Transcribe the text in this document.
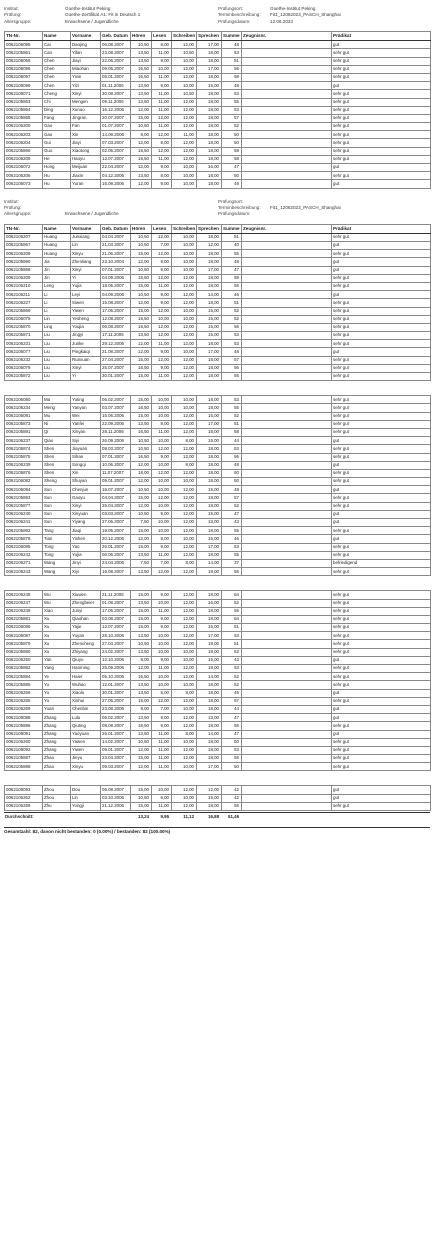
Institut:	Goethe-Institut Peking
Prüfung:	Goethe-Zertifikat A1: Fit in Deutsch 1
Altersgruppe:	Erwachsene / Jugendliche
Prüfungsort:	Goethe-Institut Peking
Terminbeschreibung:	Fit1_12062023_PASCH_Shanghai
Prüfungsdatum:	12.06.2023
TN-Nr.	Name	Vorname	Geb. Datum	Hören	Lesen	Schreiben	Sprechen	Summe	Zeugnisnr.	Prädikat
0062106095	Cai	Daojing	06.08.2007	10,50	8,00	12,00	17,00	48		gut
0062105861	Cao	Yifan	23.08.2007	13,50	11,00	10,50	18,00	53		sehr gut
0062106068	Chen	Jiayi	22.06.2007	13,50	9,00	10,00	18,00	51		sehr gut
0062106096	Chen	Miaohan	09.05.2007	16,50	10,00	12,00	17,00	56		sehr gut
0062106097	Chen	Yixin	05.01.2007	16,50	11,00	12,00	18,00	58		sehr gut
0062106099	Chen	Yizi	01.11.2006	13,50	9,00	10,00	15,00	48		gut
0062106071	Cheng	Xinyi	30.08.2007	13,50	11,00	10,50	18,00	53		sehr gut
0062105863	Chi	Mengen	09.11.2006	13,50	11,00	12,00	18,00	55		sehr gut
0062105864	Ding	Xunuo	16.12.2006	12,00	11,00	12,00	18,00	53		sehr gut
0062105865	Fang	Jingran	20.07.2007	15,00	12,00	12,00	18,00	57		sehr gut
0062106200	Gao	Fan	01.07.2007	10,50	11,00	12,00	18,00	52		sehr gut
0062106203	Gao	Xin	14.09.2006	9,00	12,00	11,00	18,00	50		sehr gut
0062106204	Gui	Jiayi	07.03.2007	12,00	8,00	12,00	18,00	50		sehr gut
0062105866	Guo	Xiaotong	02.05.2007	16,50	12,00	12,00	18,00	59		sehr gut
0062106205	He	Haoyu	12.07.2007	16,50	11,00	12,00	18,00	58		sehr gut
0062106072	Hong	Meijuan	22.04.2007	12,00	9,00	10,00	16,00	47		gut
0062106206	Hu	Jiaxin	04.12.2006	13,50	8,00	10,00	18,00	50		sehr gut
0062106073	Hu	Yuran	16.09.2006	12,00	9,00	10,00	18,00	49		gut
Institut:
Prüfung:
Altersgruppe:	Erwachsene / Jugendliche
Prüfungsort:
Terminbeschreibung:	Fit1_12062023_PASCH_Shanghai
Prüfungsdatum:
TN-Nr.	Name	Vorname	Geb. Datum	Hören	Lesen	Schreiben	Sprechen	Summe	Zeugnisnr.	Prädikat
0062106207	Huang	Junxiang	04.04.2007	10,50	12,00	10,00	18,00	51		sehr gut
0062105867	Huang	Lin	21.03.2007	10,50	7,00	10,00	12,00	40		gut
0062106208	Huang	Xinyu	21.06.2007	15,00	12,00	10,00	18,00	55		sehr gut
0062105890	Jia	Zhenliang	23.10.2004	12,00	8,00	10,00	18,00	48		gut
0062105868	Jin	Xinyi	07.01.2007	10,50	9,00	10,00	17,00	47		gut
0062106209	Jin	Yi	04.09.2006	16,50	12,00	12,00	18,00	59		sehr gut
0062106210	Leng	Yujia	18.05.2007	15,00	11,00	12,00	18,00	56		sehr gut
0062106211	Li	Leyi	04.09.2006	10,50	9,00	12,00	14,00	46		gut
0062106227	Li	Siwen	15.08.2007	12,00	9,00	12,00	18,00	51		sehr gut
0062105869	Li	Yiwen	17.05.2007	15,00	12,00	10,00	15,00	52		sehr gut
0062106075	Lin	Yesheng	12.08.2007	16,50	10,00	10,00	15,00	52		sehr gut
0062105870	Ling	Youjia	06.08.2007	16,50	12,00	12,00	15,00	56		sehr gut
0062105871	Liu	Jingyi	17.11.2006	13,50	12,00	12,00	15,00	53		sehr gut
0062106231	Liu	Junke	29.12.2006	12,00	11,00	12,00	18,00	53		sehr gut
0062106077	Liu	Pingkaiqi	21.08.2007	12,00	9,00	10,00	17,00	48		gut
0062106232	Liu	Runxuan	27.04.2007	15,00	12,00	12,00	18,00	57		sehr gut
0062106079	Liu	Xinyi	25.07.2007	16,50	9,00	12,00	18,00	56		sehr gut
0062105872	Liu	Yi	30.01.2007	15,00	11,00	12,00	18,00	56		sehr gut
0062106080	Ma	Yuting	06.02.2007	15,00	10,00	10,00	18,00	53		sehr gut
0062106234	Meng	Yanyan	03.07.2007	16,50	10,00	10,00	18,00	55		sehr gut
0062106081	Mu	Wei	15.06.2006	15,00	10,00	12,00	15,00	52		sehr gut
0062105873	Ni	Yanfei	22.09.2006	13,50	8,00	12,00	17,00	51		sehr gut
0062105891	Qi	Xinyan	28.11.2006	16,50	11,00	12,00	18,00	58		sehr gut
0062106237	Qiao	Siyi	26.09.2006	10,50	10,00	8,00	15,00	44		gut
0062105874	Shen	Jiayuan	09.03.2007	10,50	12,00	12,00	18,00	53		sehr gut
0062105875	Shen	Sihan	07.01.2007	16,50	9,00	12,00	18,00	56		sehr gut
0062106239	Shen	Songqi	10.06.2007	12,00	10,00	8,00	18,00	48		gut
0062105876	Shen	Xin	11.07.2007	18,00	12,00	12,00	18,00	60		sehr gut
0062106082	Sheng	Shuyan	09.01.2007	12,00	10,00	10,00	18,00	50		sehr gut
0062106084	Sun	Chenjun	16.07.2007	10,50	10,00	12,00	15,00	48		gut
0062105893	Sun	Gaoyu	04.04.2007	15,00	12,00	12,00	18,00	57		sehr gut
0062105877	Sun	Xinyi	25.04.2007	12,00	10,00	12,00	18,00	52		sehr gut
0062106240	Sun	Xinyuan	03.03.2007	10,50	9,00	12,00	15,00	47		gut
0062106241	Sun	Yiyang	27.06.2007	7,50	10,00	12,00	13,00	43		gut
0062105892	Tang	Jiaqi	19.05.2007	15,00	10,00	12,00	18,00	55		sehr gut
0062105878	Tian	Yishen	20.12.2006	12,00	8,00	10,00	15,00	46		gut
0062106085	Tong	Yao	26.01.2007	15,00	9,00	12,00	17,00	53		sehr gut
0062106242	Tong	Yujia	06.06.2007	13,50	11,00	12,00	18,00	55		sehr gut
0062106271	Wang	Jinyi	24.04.2006	7,50	7,00	8,00	14,00	37		befriedigend
0062106243	Wang	Xiyi	16.08.2007	13,50	12,00	12,00	18,00	56		sehr gut
0062106245	Wu	Xiuwen	21.11.2006	15,00	9,00	12,00	18,00	54		sehr gut
0062106247	Wu	Zhengbeier	01.08.2007	13,50	10,00	12,00	16,00	52		sehr gut
0062106249	Xiao	Junyi	17.05.2007	15,00	11,00	12,00	18,00	56		sehr gut
0062105881	Xu	Qiaohan	03.08.2007	15,00	9,00	12,00	18,00	54		sehr gut
0062106086	Xu	Yajie	12.07.2007	15,00	9,00	12,00	15,00	51		sehr gut
0062106087	Xu	Yuyan	28.10.2006	13,50	10,00	12,00	17,00	53		sehr gut
0062105879	Xu	Zhencheng	27.04.2007	10,50	10,00	12,00	18,00	51		sehr gut
0062105880	Xu	Zhiyang	24.02.2007	13,50	10,00	10,00	18,00	52		sehr gut
0062106250	Yan	Qiuyu	12.10.2006	9,00	9,00	10,00	15,00	43		gut
0062105882	Yang	Haoming	25.09.2006	12,00	11,00	12,00	18,00	53		sehr gut
0062105884	Ye	Haier	05.10.2006	16,50	10,00	12,00	14,00	52		sehr gut
0062105885	Yu	Wuhao	12.01.2007	13,50	10,00	10,00	18,00	52		sehr gut
0062106256	Yu	Xiaolu	30.01.2007	13,50	5,00	8,00	18,00	45		gut
0062106255	Yu	Xinhui	27.05.2007	15,00	12,00	12,00	18,00	57		sehr gut
0062106259	Yuan	Chenbin	23.08.2006	9,00	7,00	10,00	18,00	44		gut
0062106088	Zhang	Lulu	06.02.2007	13,50	8,00	12,00	13,00	47		gut
0062105886	Zhang	Qiuting	08.08.2007	16,50	9,00	12,00	18,00	56		sehr gut
0062106091	Zhang	Yaoyuan	26.01.2007	13,50	11,00	8,00	14,00	47		gut
0062106260	Zhang	Yawen	14.02.2007	10,50	11,00	10,00	18,00	50		sehr gut
0062106092	Zhang	Yiwen	09.01.2007	12,00	11,00	12,00	18,00	53		sehr gut
0062105887	Zhao	Jieyu	23.04.2007	15,00	11,00	12,00	18,00	56		sehr gut
0062105888	Zhao	Xinyu	09.03.2007	12,00	11,00	10,00	17,00	50		sehr gut
0062106093	Zhou	Dou	06.08.2007	15,00	10,00	12,00	12,00	42		gut
0062106262	Zhou	Lin	03.10.2006	10,50	6,00	10,00	15,00	42		gut
0062106269	Zhu	Yongji	21.12.2006	15,00	11,00	12,00	18,00	56		sehr gut
Durchschnitt:	13,24	9,95	11,12	16,88	51,46		
Gesamtzahl: 82, davon nicht bestanden: 0 (0.00%) / bestanden: 82 (100.00%)
